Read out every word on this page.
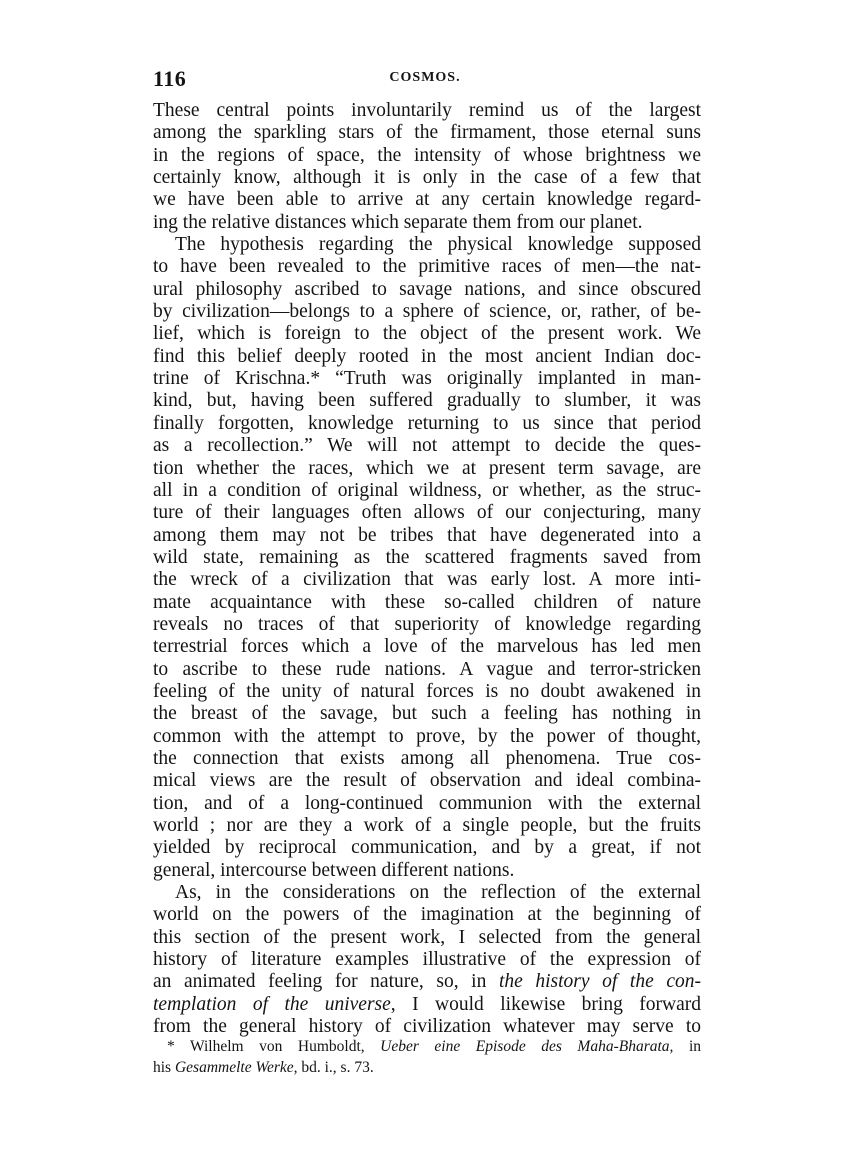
116	COSMOS.
These central points involuntarily remind us of the largest
among the sparkling stars of the firmament, those eternal suns
in the regions of space, the intensity of whose brightness we
certainly know, although it is only in the case of a few that
we have been able to arrive at any certain knowledge regard-
ing the relative distances which separate them from our planet.
The hypothesis regarding the physical knowledge supposed
to have been revealed to the primitive races of men—the nat-
ural philosophy ascribed to savage nations, and since obscured
by civilization—belongs to a sphere of science, or, rather, of be-
lief, which is foreign to the object of the present work. We
find this belief deeply rooted in the most ancient Indian doc-
trine of Krischna.* “Truth was originally implanted in man-
kind, but, having been suffered gradually to slumber, it was
finally forgotten, knowledge returning to us since that period
as a recollection.” We will not attempt to decide the ques-
tion whether the races, which we at present term savage, are
all in a condition of original wildness, or whether, as the struc-
ture of their languages often allows of our conjecturing, many
among them may not be tribes that have degenerated into a
wild state, remaining as the scattered fragments saved from
the wreck of a civilization that was early lost. A more inti-
mate acquaintance with these so-called children of nature
reveals no traces of that superiority of knowledge regarding
terrestrial forces which a love of the marvelous has led men
to ascribe to these rude nations. A vague and terror-stricken
feeling of the unity of natural forces is no doubt awakened in
the breast of the savage, but such a feeling has nothing in
common with the attempt to prove, by the power of thought,
the connection that exists among all phenomena. True cos-
mical views are the result of observation and ideal combina-
tion, and of a long-continued communion with the external
world ; nor are they a work of a single people, but the fruits
yielded by reciprocal communication, and by a great, if not
general, intercourse between different nations.
As, in the considerations on the reflection of the external
world on the powers of the imagination at the beginning of
this section of the present work, I selected from the general
history of literature examples illustrative of the expression of
an animated feeling for nature, so, in the history of the con-
templation of the universe, I would likewise bring forward
from the general history of civilization whatever may serve to
* Wilhelm von Humboldt, Ueber eine Episode des Maha-Bharata, in
his Gesammelte Werke, bd. i., s. 73.
